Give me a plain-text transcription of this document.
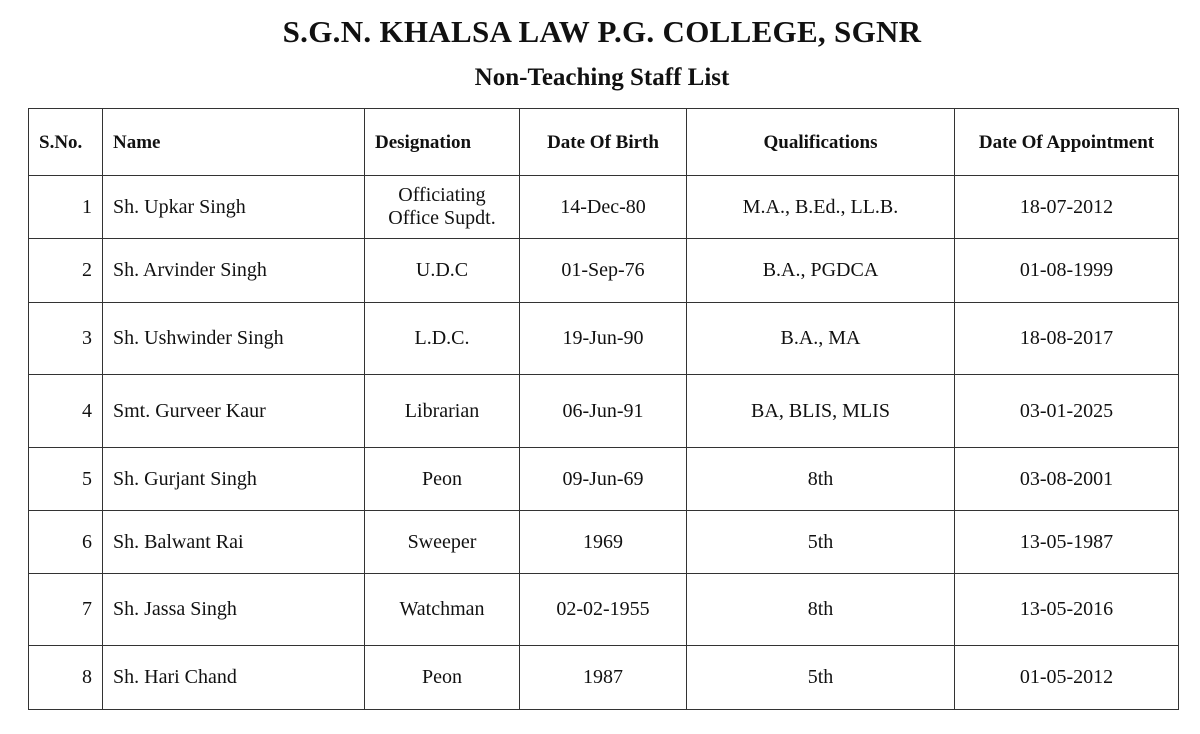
S.G.N. KHALSA LAW P.G. COLLEGE, SGNR
Non-Teaching Staff List
S.No.	Name	Designation	Date Of Birth	Qualifications	Date Of Appointment
1	Sh. Upkar Singh	Officiating Office Supdt.	14-Dec-80	M.A., B.Ed., LL.B.	18-07-2012
2	Sh. Arvinder Singh	U.D.C	01-Sep-76	B.A., PGDCA	01-08-1999
3	Sh. Ushwinder Singh	L.D.C.	19-Jun-90	B.A., MA	18-08-2017
4	Smt. Gurveer Kaur	Librarian	06-Jun-91	BA, BLIS, MLIS	03-01-2025
5	Sh. Gurjant Singh	Peon	09-Jun-69	8th	03-08-2001
6	Sh. Balwant Rai	Sweeper	1969	5th	13-05-1987
7	Sh. Jassa Singh	Watchman	02-02-1955	8th	13-05-2016
8	Sh. Hari Chand	Peon	1987	5th	01-05-2012
